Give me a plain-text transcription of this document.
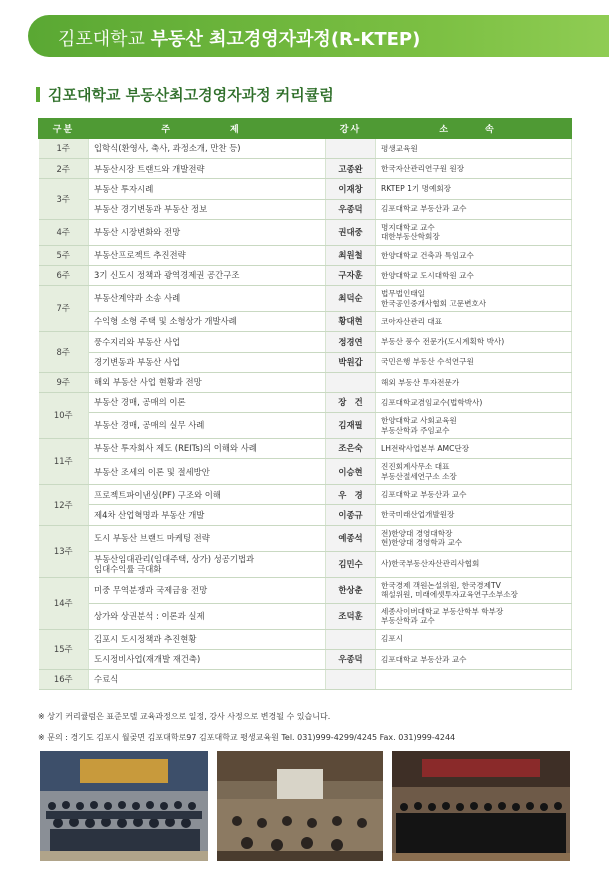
김포대학교 부동산 최고경영자과정(R-KTEP)
김포대학교 부동산최고경영자과정 커리큘럼
구분	주　　제	강사	소　속
1주	입학식(환영사, 축사, 과정소개, 만찬 등)		평생교육원
2주	부동산시장 트랜드와 개발전략	고종완	한국자산관리연구원 원장
3주	부동산 투자시례	이재창	RKTEP 1기 명예회장
	부동산 경기변동과 부동산 정보	우종덕	김포대학교 부동산과 교수
4주	부동산 시장변화와 전망	권대중	명지대학교 교수
대한부동산학회장
5주	부동산프로젝트 추진전략	최원철	한양대학교 건축과 특임교수
6주	3기 신도시 정책과 광역경제권 공간구조	구자훈	한양대학교 도시대학원 교수
7주	부동산계약과 소송 사례	최덕순	법무법인태일
한국공인중개사협회 고문변호사
	수익형 소형 주택 및 소형상가 개발사례	황대현	코아자산관리 대표
8주	풍수지리와 부동산 사업	정경연	부동산 풍수 전문가(도시계획학 박사)
	경기변동과 부동산 사업	박원갑	국민은행 부동산 수석연구원
9주	해외 부동산 사업 현황과 전망		해외 부동산 투자전문가
10주	부동산 경매, 공매의 이론	장　건	김포대학교겸임교수(법학박사)
	부동산 경매, 공매의 실무 사례	김재필	한양대학교 사회교육원
부동산학과 주임교수
11주	부동산 투자회사 제도 (REITs)의 이해와 사례	조은숙	LH전략사업본부 AMC단장
	부동산 조세의 이론 및 절세방안	이승현	진진회계사무소 대표
부동산절세연구소 소장
12주	프로젝트파이낸싱(PF) 구조와 이해	우　경	김포대학교 부동산과 교수
	제4차 산업혁명과 부동산 개발	이종규	한국미래산업개발원장
13주	도시 부동산 브랜드 마케팅 전략	예종석	전)한양대 경영대학장
현)한양대 경영학과 교수
	부동산임대관리(임대주택, 상가) 성공기법과
임대수익률 극대화	김민수	사)한국부동산자산관리사협회
14주	미중 무역분쟁과 국제금융 전망	한상춘	한국경제 객원논설위원, 한국경제TV
해설위원, 미래에셋투자교육연구소부소장
	상가와 상권분석 : 이론과 실제	조덕훈	세종사이버대학교 부동산학부 학부장
부동산학과 교수
15주	김포시 도시정책과 추진현황		김포시
	도시정비사업(재개발 재건축)	우종덕	김포대학교 부동산과 교수
16주	수료식		
※ 상기 커리큘럼은 표준모델 교육과정으로 일정, 강사 사정으로 변경될 수 있습니다.
※ 문의 : 경기도 김포시 월곶면 김포대학로97 김포대학교 평생교육원 Tel. 031)999-4299/4245 Fax. 031)999-4244
